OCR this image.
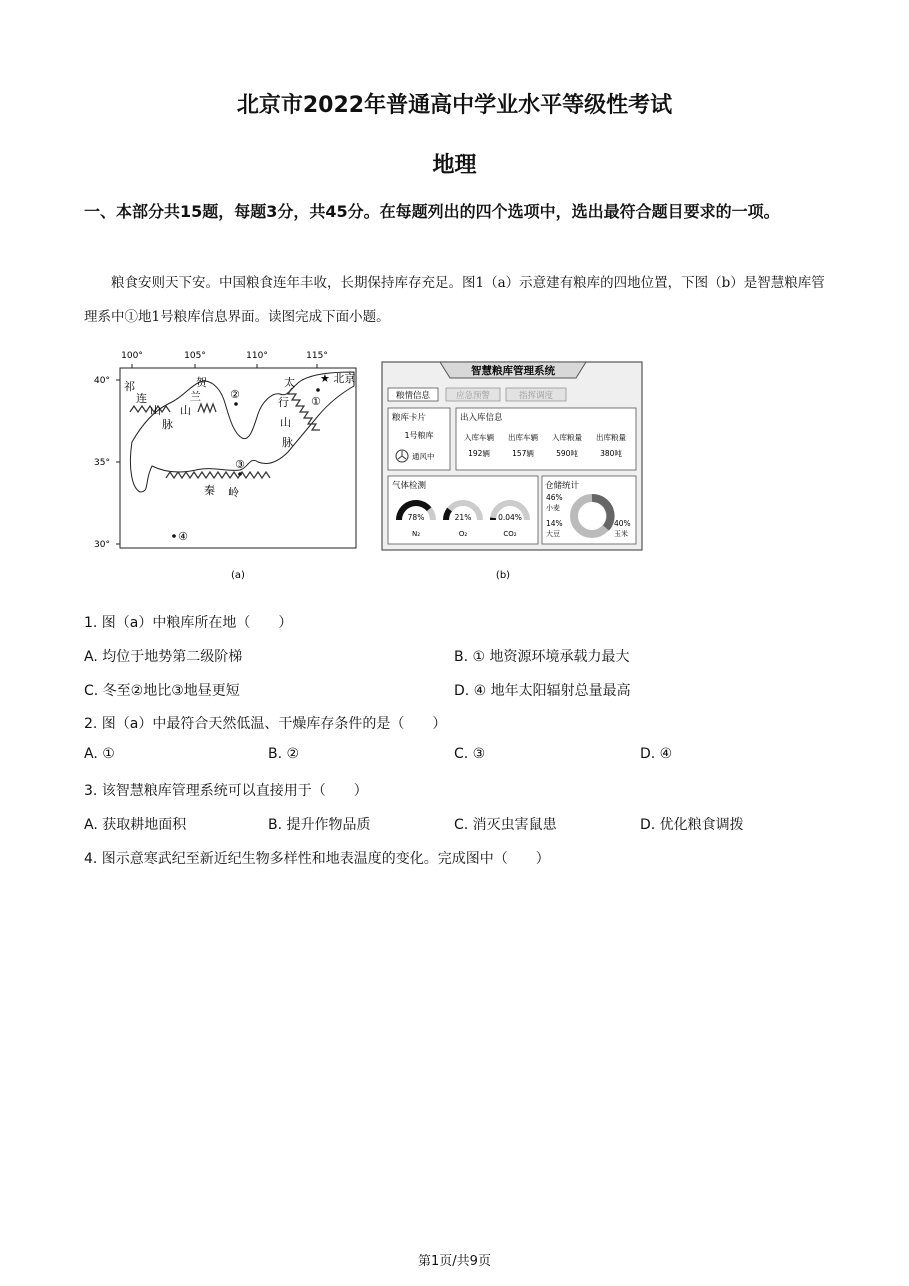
北京市2022年普通高中学业水平等级性考试
地理
一、本部分共15题，每题3分，共45分。在每题列出的四个选项中，选出最符合题目要求的一项。
粮食安则天下安。中国粮食连年丰收，长期保持库存充足。图1（a）示意建有粮库的四地位置，下图（b）是智慧粮库管理系中①地1号粮库信息界面。读图完成下面小题。
100°	105°	110°	115°
40°
35°
30°
祁
连
山
脉
贺
兰
山
太
行
山
脉
秦 岭
②
①
③
④
★ 北京
(a)
智慧粮库管理系统
粮情信息	应急预警	指挥调度
粮库卡片
1号粮库
通风中
出入库信息
入库车辆 出库车辆 入库粮量 出库粮量
192辆	157辆	590吨	380吨
气体检测
78%
N₂
21%
O₂
0.04%
CO₂
仓储统计
46%
小麦
14%
大豆
40%
玉米
(b)
1. 图（a）中粮库所在地（　　）
A. 均位于地势第二级阶梯	B. ① 地资源环境承载力最大
C. 冬至②地比③地昼更短	D. ④ 地年太阳辐射总量最高
2. 图（a）中最符合天然低温、干燥库存条件的是（　　）
A. ①	B. ②	C. ③	D. ④
3. 该智慧粮库管理系统可以直接用于（　　）
A. 获取耕地面积	B. 提升作物品质	C. 消灭虫害鼠患	D. 优化粮食调拨
4. 图示意寒武纪至新近纪生物多样性和地表温度的变化。完成图中（　　）
第1页/共9页
